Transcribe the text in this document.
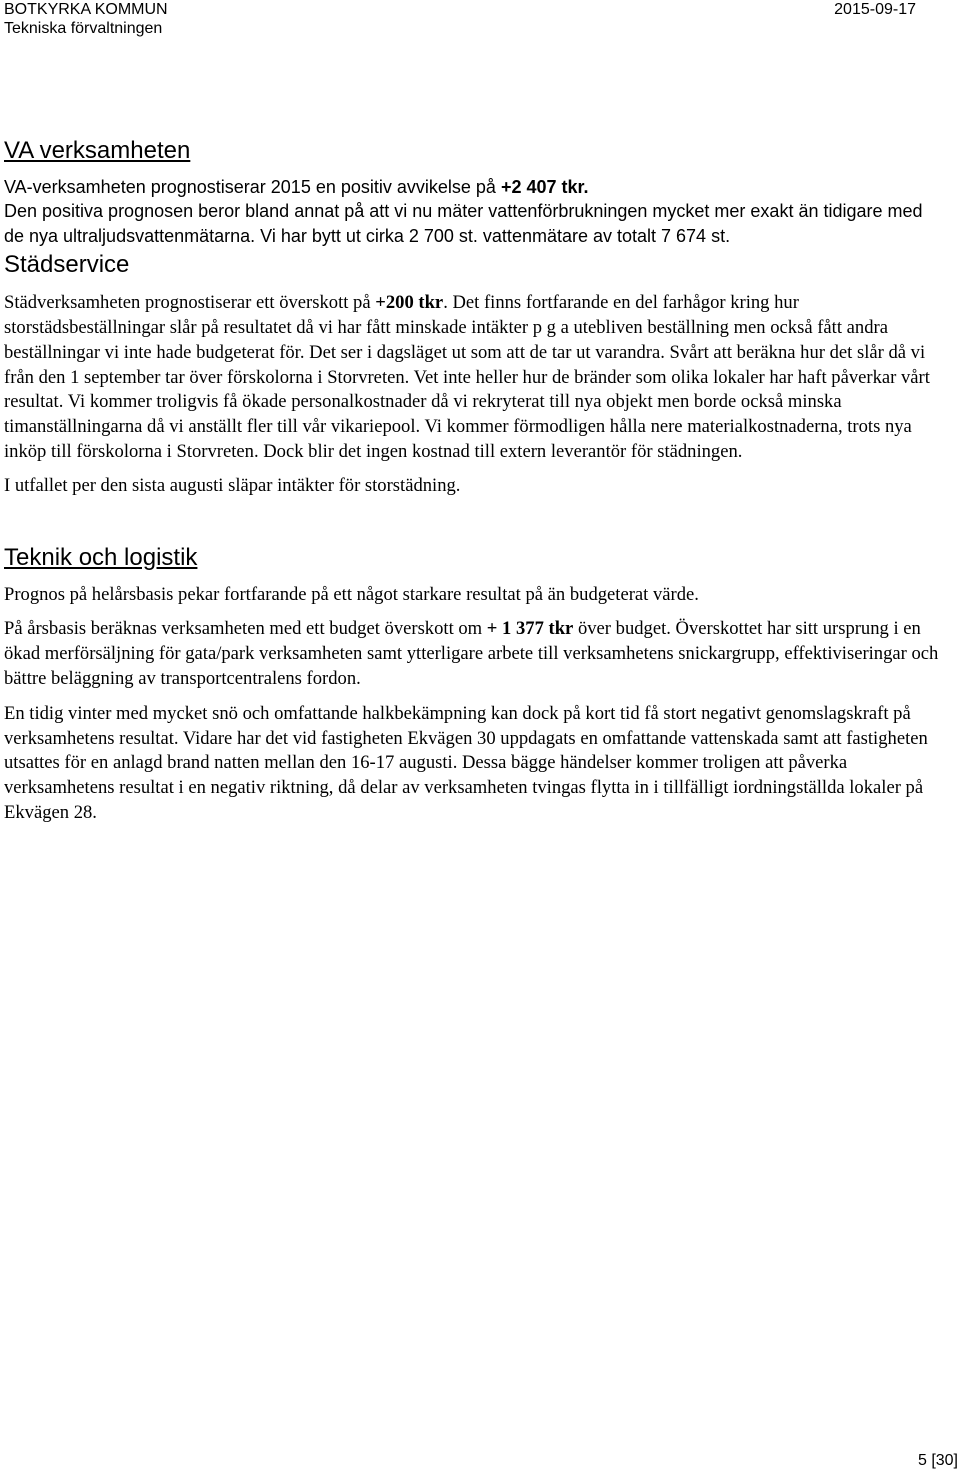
BOTKYRKA KOMMUN
Tekniska förvaltningen
2015-09-17
VA verksamheten

VA-verksamheten prognostiserar 2015 en positiv avvikelse på +2 407 tkr.

Den positiva prognosen beror bland annat på att vi nu mäter vattenförbrukningen mycket mer exakt än tidigare med de nya ultraljudsvattenmätarna. Vi har bytt ut cirka 2 700 st. vattenmätare av totalt 7 674 st.

Städservice

Städverksamheten prognostiserar ett överskott på +200 tkr. Det finns fortfarande en del farhågor kring hur storstädsbeställningar slår på resultatet då vi har fått minskade intäkter p g a utebliven beställning men också fått andra beställningar vi inte hade budgeterat för. Det ser i dagsläget ut som att de tar ut varandra. Svårt att beräkna hur det slår då vi från den 1 september tar över förskolorna i Storvreten. Vet inte heller hur de bränder som olika lokaler har haft påverkar vårt resultat. Vi kommer troligvis få ökade personalkostnader då vi rekryterat till nya objekt men borde också minska timanställningarna då vi anställt fler till vår vikariepool. Vi kommer förmodligen hålla nere materialkostnaderna, trots nya inköp till förskolorna i Storvreten. Dock blir det ingen kostnad till extern leverantör för städningen.

I utfallet per den sista augusti släpar intäkter för storstädning.

Teknik och logistik

Prognos på helårsbasis pekar fortfarande på ett något starkare resultat på än budgeterat värde.

På årsbasis beräknas verksamheten med ett budget överskott om + 1 377 tkr över budget. Överskottet har sitt ursprung i en ökad merförsäljning för gata/park verksamheten samt ytterligare arbete till verksamhetens snickargrupp, effektiviseringar och bättre beläggning av transportcentralens fordon.

En tidig vinter med mycket snö och omfattande halkbekämpning kan dock på kort tid få stort negativt genomslagskraft på verksamhetens resultat. Vidare har det vid fastigheten Ekvägen 30 uppdagats en omfattande vattenskada samt att fastigheten utsattes för en anlagd brand natten mellan den 16-17 augusti. Dessa bägge händelser kommer troligen att påverka verksamhetens resultat i en negativ riktning, då delar av verksamheten tvingas flytta in i tillfälligt iordningställda lokaler på Ekvägen 28.

5 [30]
